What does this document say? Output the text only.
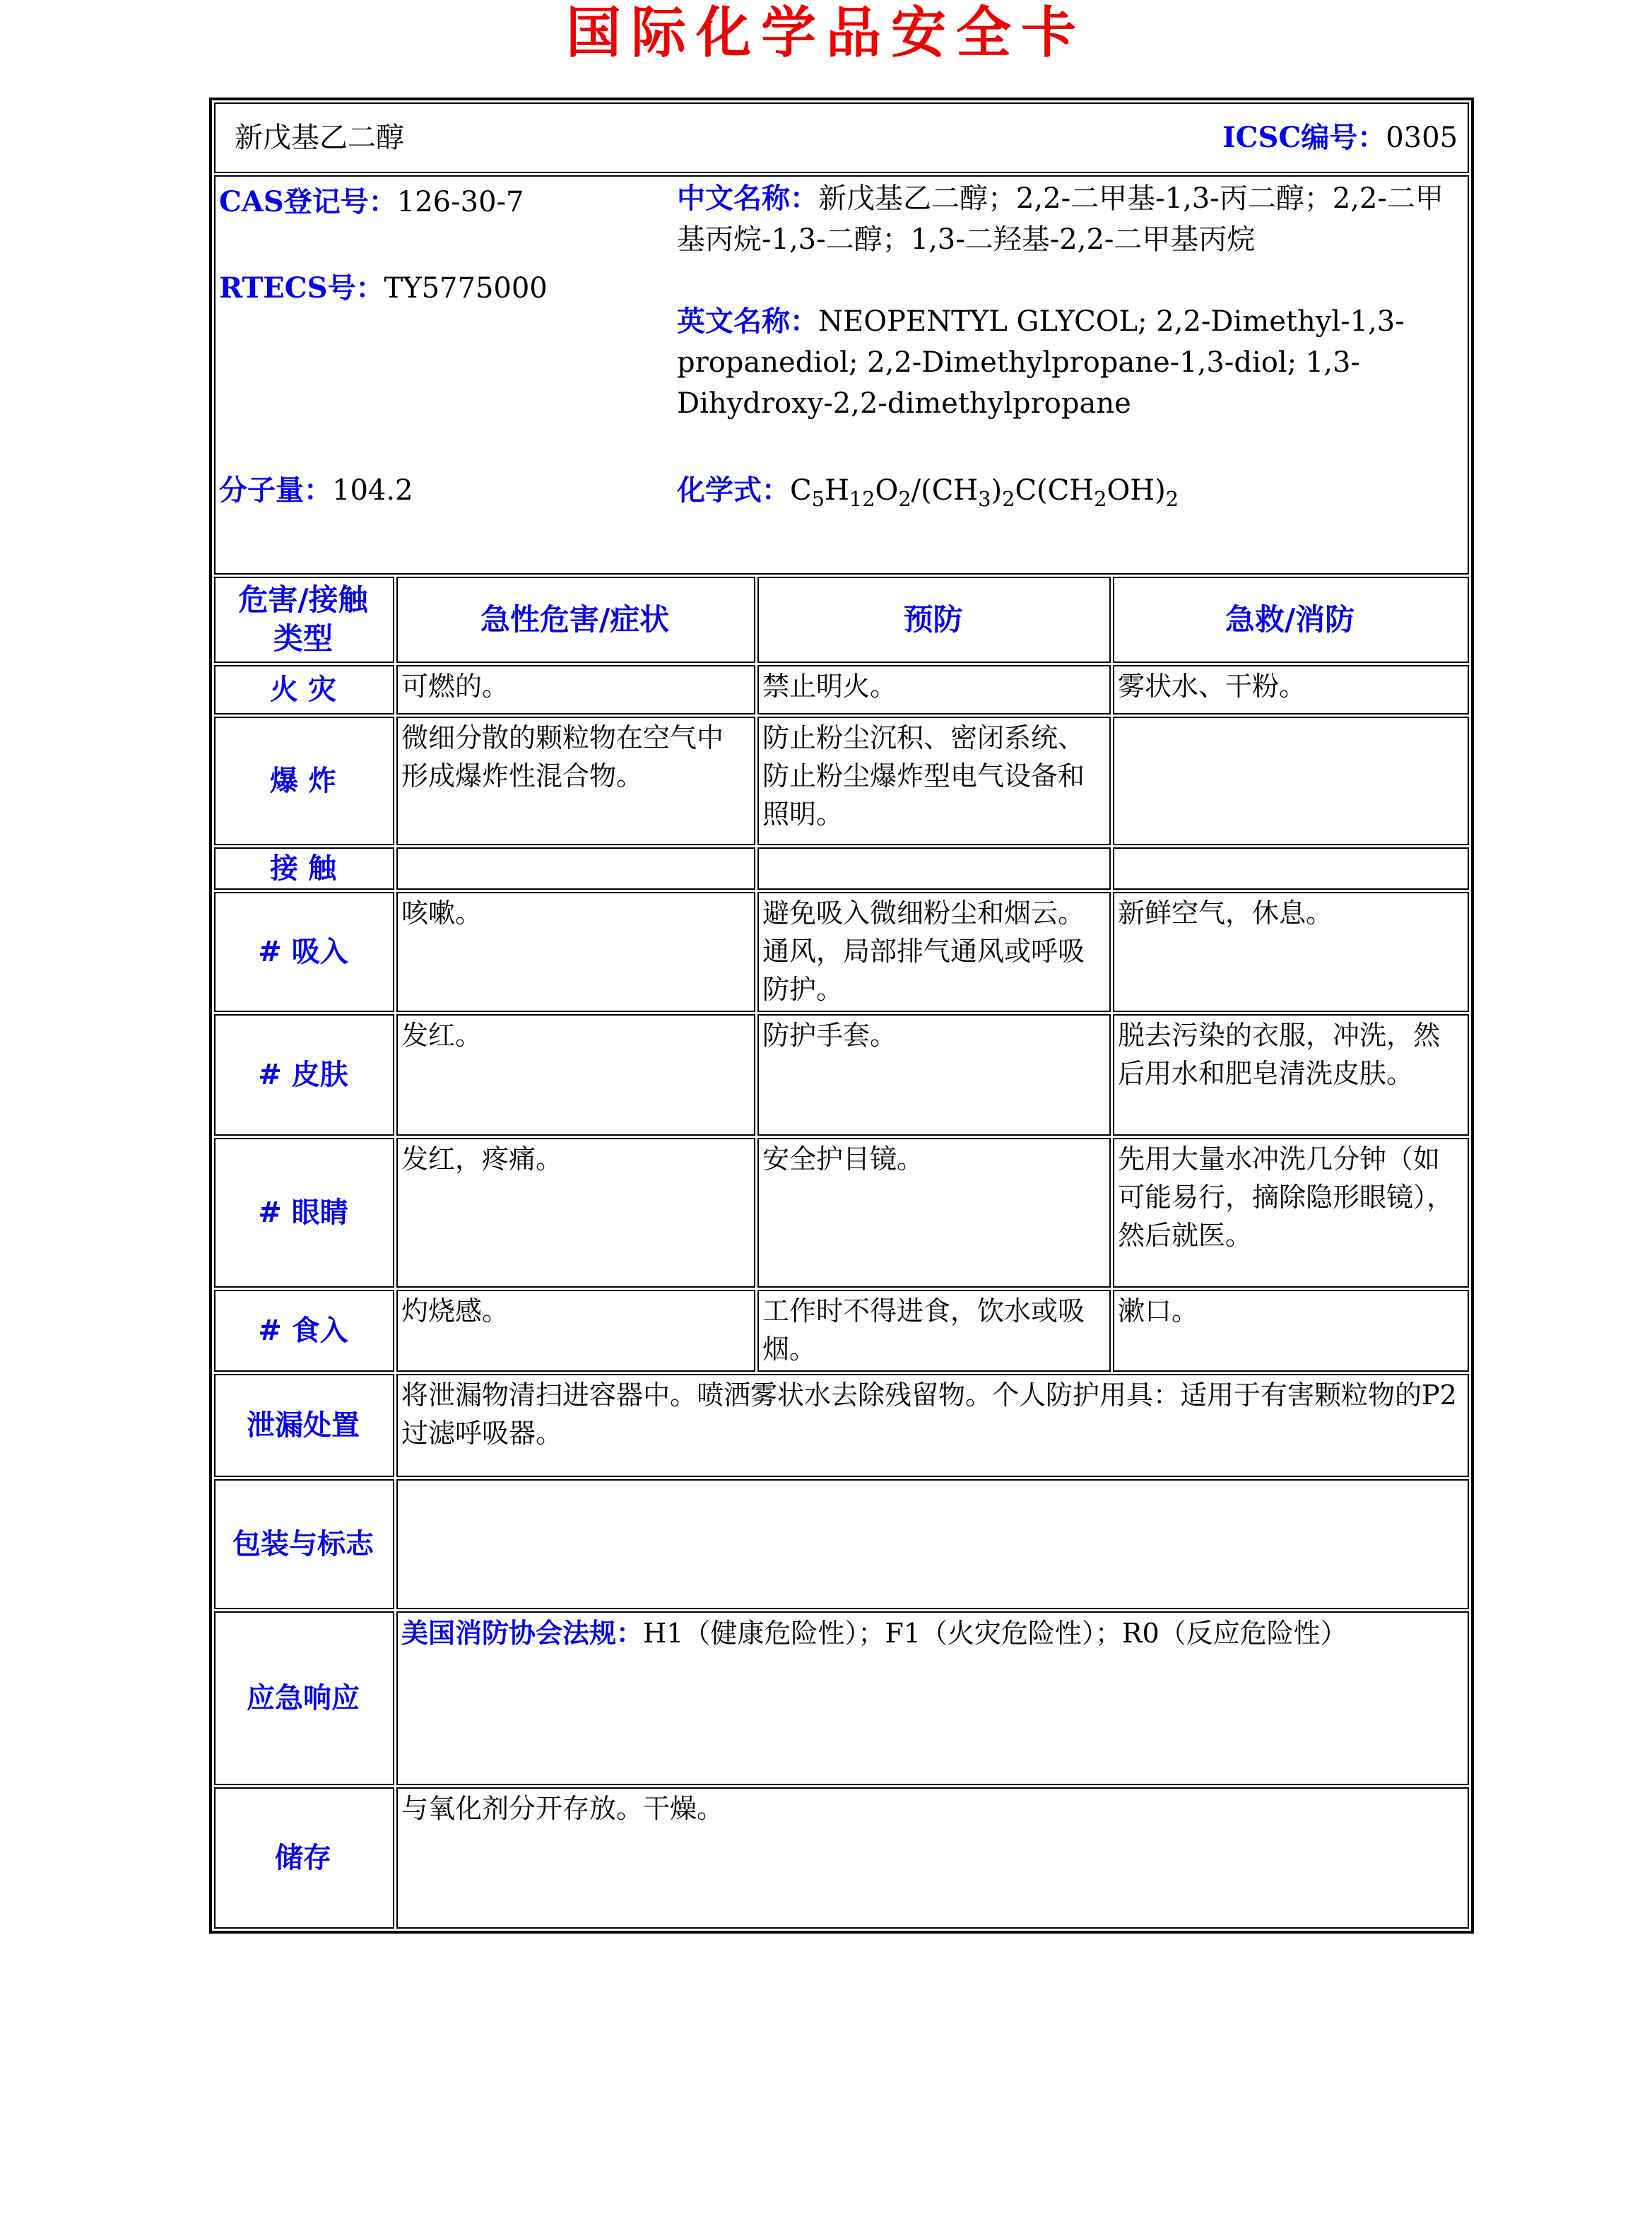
国际化学品安全卡
新戊基乙二醇 ICSC编号：0305			

CAS登记号：126-30-7
RTECS号：TY5775000

中文名称：新戊基乙二醇；2,2-二甲基-1,3-丙二醇；2,2-二甲基丙烷-1,3-二醇；1,3-二羟基-2,2-二甲基丙烷

英文名称：NEOPENTYL GLYCOL; 2,2-Dimethyl-1,3-propanediol; 2,2-Dimethylpropane-1,3-diol; 1,3-Dihydroxy-2,2-dimethylpropane

分子量：104.2	化学式：$C_5H_{12}O_2/(CH_3)_2C(CH_2OH)_2$

危害/接触
类型	急性危害/症状	预防	急救/消防
火 灾	可燃的。	禁止明火。	雾状水、干粉。
爆 炸	微细分散的颗粒物在空气中形成爆炸性混合物。	防止粉尘沉积、密闭系统、防止粉尘爆炸型电气设备和照明。	
接 触			
# 吸入	咳嗽。	避免吸入微细粉尘和烟云。通风，局部排气通风或呼吸防护。	新鲜空气，休息。
# 皮肤	发红。	防护手套。	脱去污染的衣服，冲洗，然后用水和肥皂清洗皮肤。
# 眼睛	发红，疼痛。	安全护目镜。	先用大量水冲洗几分钟（如可能易行，摘除隐形眼镜），然后就医。
# 食入	灼烧感。	工作时不得进食，饮水或吸烟。	漱口。
泄漏处置	将泄漏物清扫进容器中。喷洒雾状水去除残留物。个人防护用具：适用于有害颗粒物的P2过滤呼吸器。		
包装与标志			
应急响应	美国消防协会法规：H1（健康危险性）；F1（火灾危险性）；R0（反应危险性）		
储存	与氧化剂分开存放。干燥。		
